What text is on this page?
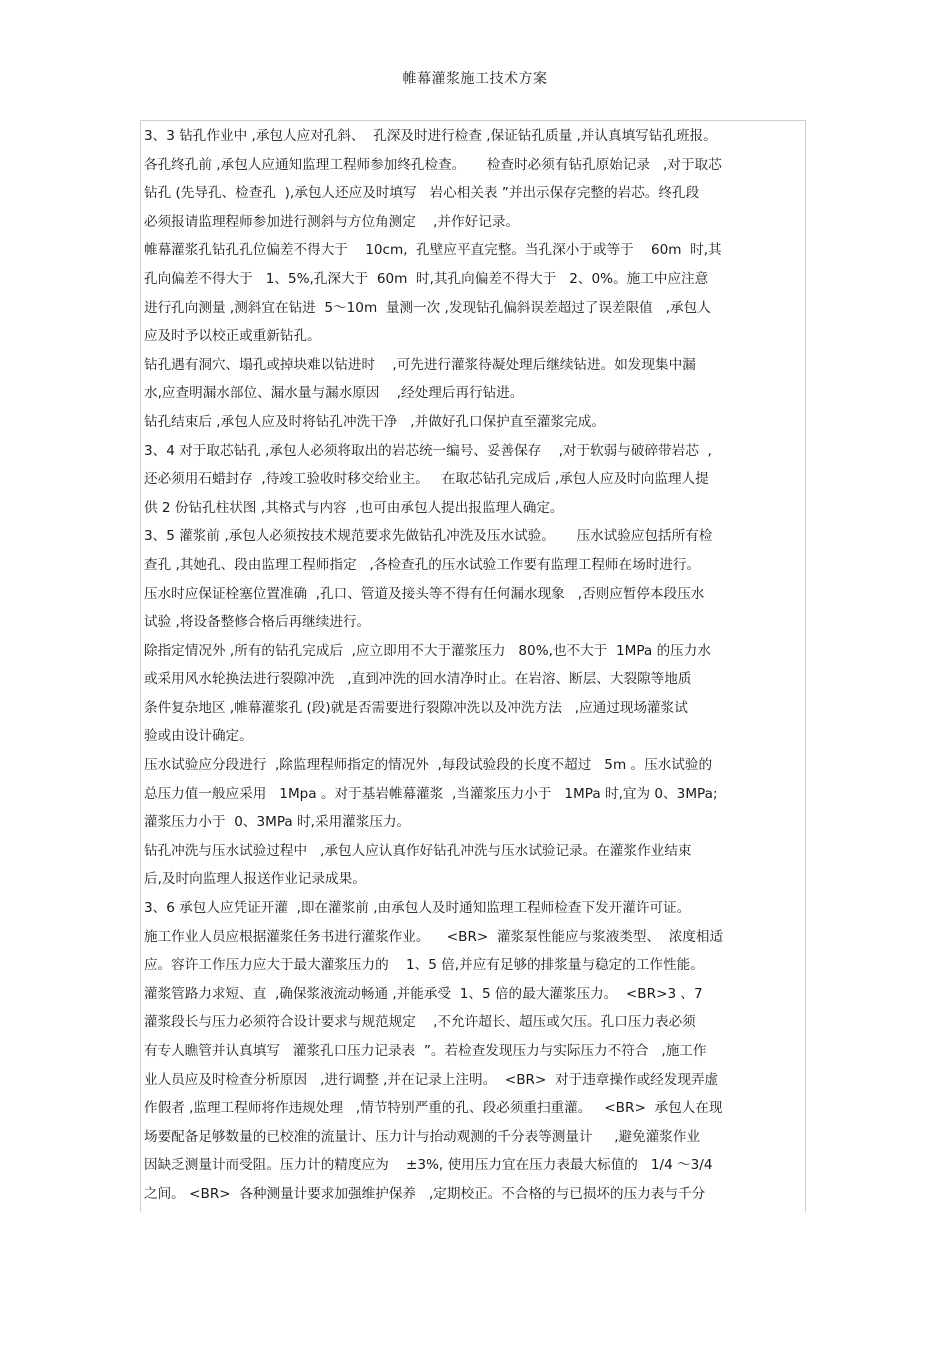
帷幕灌浆施工技术方案
3、3 钻孔作业中 ,承包人应对孔斜、  孔深及时进行检查 ,保证钻孔质量 ,并认真填写钻孔班报。
各孔终孔前 ,承包人应通知监理工程师参加终孔检查。     检查时必须有钻孔原始记录   ,对于取芯
钻孔 (先导孔、检查孔  ),承包人还应及时填写   岩心相关表 ”并出示保存完整的岩芯。终孔段
必须报请监理程师参加进行测斜与方位角测定    ,并作好记录。
帷幕灌浆孔钻孔孔位偏差不得大于    10cm,  孔壁应平直完整。当孔深小于或等于    60m  时,其
孔向偏差不得大于   1、5%,孔深大于  60m  时,其孔向偏差不得大于   2、0%。施工中应注意
进行孔向测量 ,测斜宜在钻进  5～10m  量测一次 ,发现钻孔偏斜误差超过了误差限值   ,承包人
应及时予以校正或重新钻孔。
钻孔遇有洞穴、塌孔或掉块难以钻进时    ,可先进行灌浆待凝处理后继续钻进。如发现集中漏
水,应查明漏水部位、漏水量与漏水原因    ,经处理后再行钻进。
钻孔结束后 ,承包人应及时将钻孔冲洗干净   ,并做好孔口保护直至灌浆完成。
3、4 对于取芯钻孔 ,承包人必须将取出的岩芯统一编号、妥善保存    ,对于软弱与破碎带岩芯  ,
还必须用石蜡封存  ,待竣工验收时移交给业主。   在取芯钻孔完成后 ,承包人应及时向监理人提
供 2 份钻孔柱状图 ,其格式与内容  ,也可由承包人提出报监理人确定。
3、5 灌浆前 ,承包人必须按技术规范要求先做钻孔冲洗及压水试验。     压水试验应包括所有检
查孔 ,其她孔、段由监理工程师指定   ,各检查孔的压水试验工作要有监理工程师在场时进行。
压水时应保证栓塞位置准确  ,孔口、管道及接头等不得有任何漏水现象   ,否则应暂停本段压水
试验 ,将设备整修合格后再继续进行。
除指定情况外 ,所有的钻孔完成后  ,应立即用不大于灌浆压力   80%,也不大于  1MPa 的压力水
或采用风水轮换法进行裂隙冲洗   ,直到冲洗的回水清净时止。在岩溶、断层、大裂隙等地质
条件复杂地区 ,帷幕灌浆孔 (段)就是否需要进行裂隙冲洗以及冲洗方法   ,应通过现场灌浆试
验或由设计确定。
压水试验应分段进行  ,除监理程师指定的情况外  ,每段试验段的长度不超过   5m 。压水试验的
总压力值一般应采用   1Mpa 。对于基岩帷幕灌浆  ,当灌浆压力小于   1MPa 时,宜为 0、3MPa;
灌浆压力小于  0、3MPa 时,采用灌浆压力。
钻孔冲洗与压水试验过程中   ,承包人应认真作好钻孔冲洗与压水试验记录。在灌浆作业结束
后,及时向监理人报送作业记录成果。
3、6 承包人应凭证开灌  ,即在灌浆前 ,由承包人及时通知监理工程师检查下发开灌许可证。
施工作业人员应根据灌浆任务书进行灌浆作业。    <BR>  灌浆泵性能应与浆液类型、  浓度相适
应。容许工作压力应大于最大灌浆压力的    1、5 倍,并应有足够的排浆量与稳定的工作性能。
灌浆管路力求短、直  ,确保浆液流动畅通 ,并能承受  1、5 倍的最大灌浆压力。  <BR>3 、7
灌浆段长与压力必须符合设计要求与规范规定    ,不允许超长、超压或欠压。孔口压力表必须
有专人瞧管并认真填写   灌浆孔口压力记录表  ”。若检查发现压力与实际压力不符合   ,施工作
业人员应及时检查分析原因   ,进行调整 ,并在记录上注明。  <BR>  对于违章操作或经发现弄虚
作假者 ,监理工程师将作违规处理   ,情节特别严重的孔、段必须重扫重灌。   <BR>  承包人在现
场要配备足够数量的已校准的流量计、压力计与抬动观测的千分表等测量计     ,避免灌浆作业
因缺乏测量计而受阻。压力计的精度应为    ±3%, 使用压力宜在压力表最大标值的   1/4 ～3/4
之间。 <BR>  各种测量计要求加强维护保养   ,定期校正。不合格的与已损坏的压力表与千分
